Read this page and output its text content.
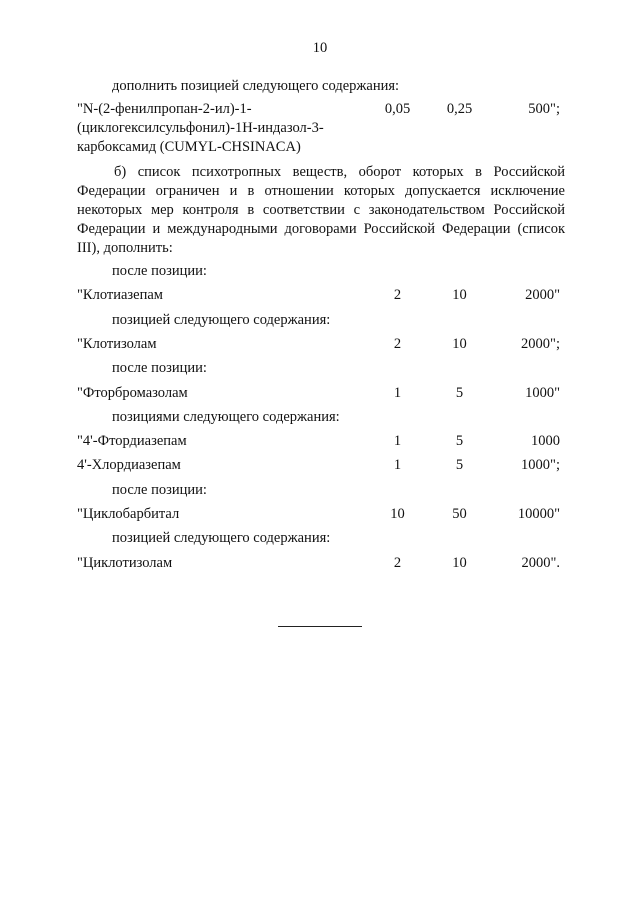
10
дополнить позицией следующего содержания:
"N-(2-фенилпропан-2-ил)-1-
(циклогексилсульфонил)-1Н-индазол-3-
карбоксамид (CUMYL-CHSINACA)
0,05	0,25	500";

б) список психотропных веществ, оборот которых в Российской Федерации ограничен и в отношении которых допускается исключение некоторых мер контроля в соответствии с законодательством Российской Федерации и международными договорами Российской Федерации (список III), дополнить:

после позиции:
"Клотиазепам	2	10	2000"
позицией следующего содержания:
"Клотизолам	2	10	2000";
после позиции:
"Фторбромазолам	1	5	1000"
позициями следующего содержания:
"4'-Фтордиазепам	1	5	1000
4'-Хлордиазепам	1	5	1000";
после позиции:
"Циклобарбитал	10	50	10000"
позицией следующего содержания:
"Циклотизолам	2	10	2000".
